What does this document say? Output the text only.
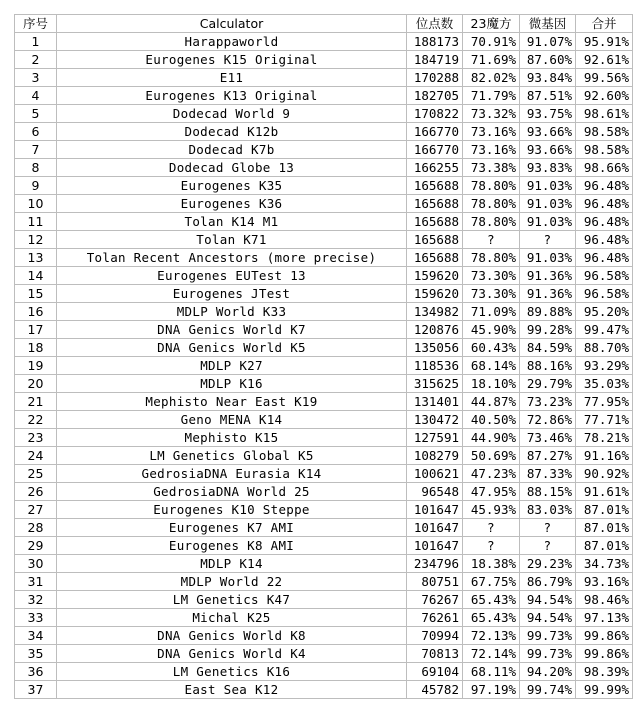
序号	Calculator	位点数	23魔方	微基因	合并
1	Harappaworld	188173	70.91%	91.07%	95.91%
2	Eurogenes K15 Original	184719	71.69%	87.60%	92.61%
3	E11	170288	82.02%	93.84%	99.56%
4	Eurogenes K13 Original	182705	71.79%	87.51%	92.60%
5	Dodecad World 9	170822	73.32%	93.75%	98.61%
6	Dodecad K12b	166770	73.16%	93.66%	98.58%
7	Dodecad K7b	166770	73.16%	93.66%	98.58%
8	Dodecad Globe 13	166255	73.38%	93.83%	98.66%
9	Eurogenes K35	165688	78.80%	91.03%	96.48%
10	Eurogenes K36	165688	78.80%	91.03%	96.48%
11	Tolan K14 M1	165688	78.80%	91.03%	96.48%
12	Tolan K71	165688	?	?	96.48%
13	Tolan Recent Ancestors (more precise)	165688	78.80%	91.03%	96.48%
14	Eurogenes EUTest 13	159620	73.30%	91.36%	96.58%
15	Eurogenes JTest	159620	73.30%	91.36%	96.58%
16	MDLP World K33	134982	71.09%	89.88%	95.20%
17	DNA Genics World K7	120876	45.90%	99.28%	99.47%
18	DNA Genics World K5	135056	60.43%	84.59%	88.70%
19	MDLP K27	118536	68.14%	88.16%	93.29%
20	MDLP K16	315625	18.10%	29.79%	35.03%
21	Mephisto Near East K19	131401	44.87%	73.23%	77.95%
22	Geno MENA K14	130472	40.50%	72.86%	77.71%
23	Mephisto K15	127591	44.90%	73.46%	78.21%
24	LM Genetics Global K5	108279	50.69%	87.27%	91.16%
25	GedrosiaDNA Eurasia K14	100621	47.23%	87.33%	90.92%
26	GedrosiaDNA World 25	96548	47.95%	88.15%	91.61%
27	Eurogenes K10 Steppe	101647	45.93%	83.03%	87.01%
28	Eurogenes K7 AMI	101647	?	?	87.01%
29	Eurogenes K8 AMI	101647	?	?	87.01%
30	MDLP K14	234796	18.38%	29.23%	34.73%
31	MDLP World 22	80751	67.75%	86.79%	93.16%
32	LM Genetics K47	76267	65.43%	94.54%	98.46%
33	Michal K25	76261	65.43%	94.54%	97.13%
34	DNA Genics World K8	70994	72.13%	99.73%	99.86%
35	DNA Genics World K4	70813	72.14%	99.73%	99.86%
36	LM Genetics K16	69104	68.11%	94.20%	98.39%
37	East Sea K12	45782	97.19%	99.74%	99.99%
